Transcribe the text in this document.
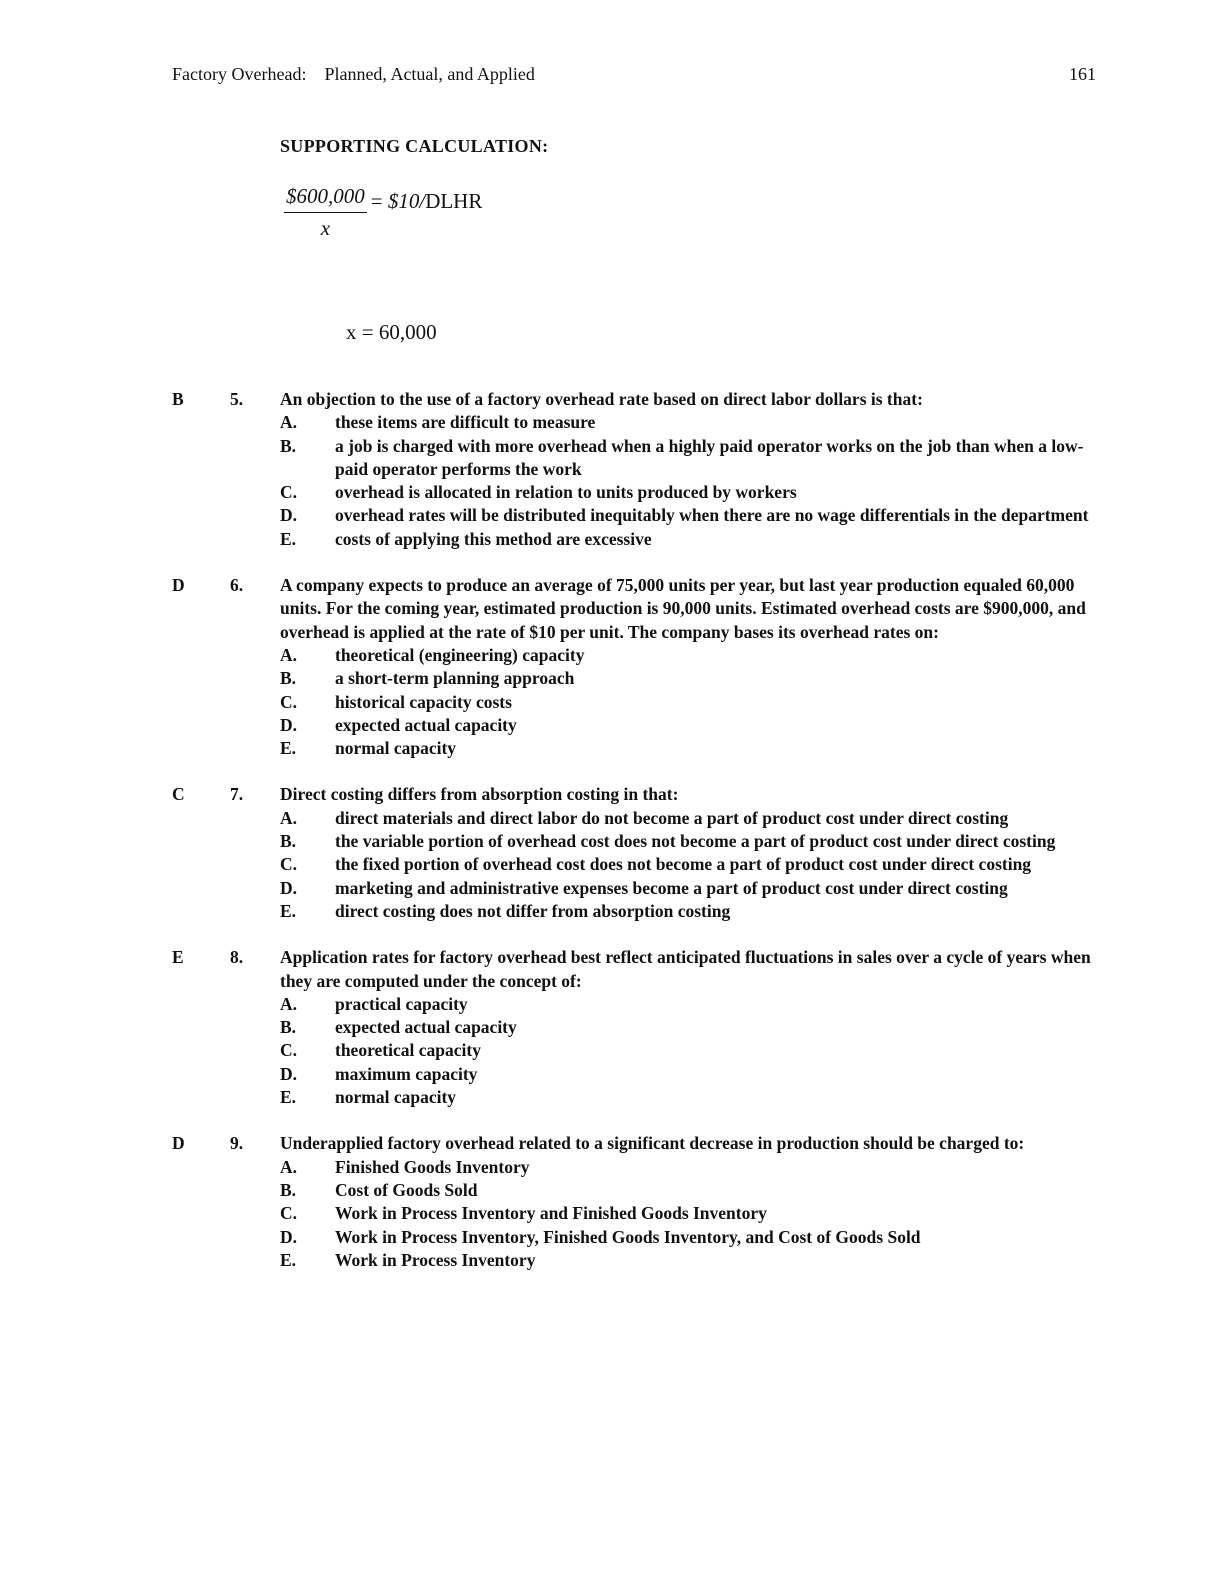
Factory Overhead:    Planned, Actual, and Applied	161
SUPPORTING CALCULATION:
$\frac{\$600,000}{x}$ = $10/DLHR
x = 60,000
B	5. An objection to the use of a factory overhead rate based on direct labor dollars is that:
A. these items are difficult to measure
B. a job is charged with more overhead when a highly paid operator works on the job than when a low-paid operator performs the work
C. overhead is allocated in relation to units produced by workers
D. overhead rates will be distributed inequitably when there are no wage differentials in the department
E. costs of applying this method are excessive
D	6. A company expects to produce an average of 75,000 units per year, but last year production equaled 60,000 units. For the coming year, estimated production is 90,000 units. Estimated overhead costs are $900,000, and overhead is applied at the rate of $10 per unit. The company bases its overhead rates on:
A. theoretical (engineering) capacity
B. a short-term planning approach
C. historical capacity costs
D. expected actual capacity
E. normal capacity
C	7. Direct costing differs from absorption costing in that:
A. direct materials and direct labor do not become a part of product cost under direct costing
B. the variable portion of overhead cost does not become a part of product cost under direct costing
C. the fixed portion of overhead cost does not become a part of product cost under direct costing
D. marketing and administrative expenses become a part of product cost under direct costing
E. direct costing does not differ from absorption costing
E	8. Application rates for factory overhead best reflect anticipated fluctuations in sales over a cycle of years when they are computed under the concept of:
A. practical capacity
B. expected actual capacity
C. theoretical capacity
D. maximum capacity
E. normal capacity
D	9. Underapplied factory overhead related to a significant decrease in production should be charged to:
A. Finished Goods Inventory
B. Cost of Goods Sold
C. Work in Process Inventory and Finished Goods Inventory
D. Work in Process Inventory, Finished Goods Inventory, and Cost of Goods Sold
E. Work in Process Inventory
